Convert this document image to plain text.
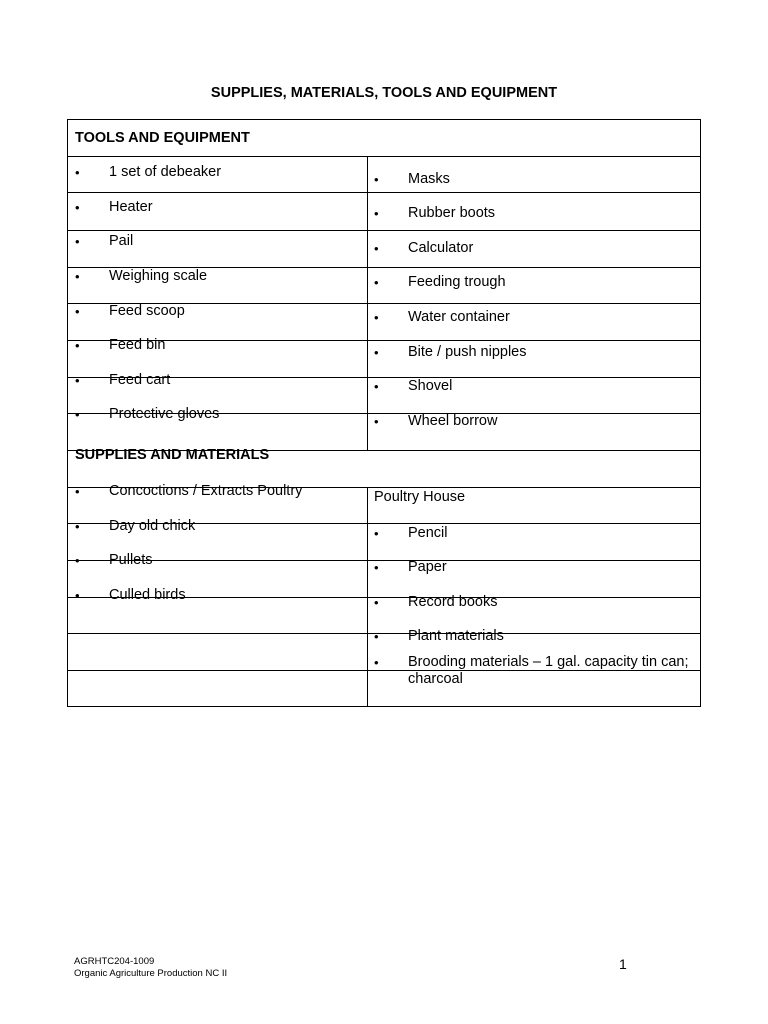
SUPPLIES, MATERIALS, TOOLS AND EQUIPMENT
TOOLS AND EQUIPMENT
SUPPLIES AND MATERIALS
• 1 set of debeaker
• Heater
• Pail
• Weighing scale
• Feed scoop
• Feed bin
• Feed cart
• Protective gloves
• Masks
• Rubber boots
• Calculator
• Feeding trough
• Water container
• Bite / push nipples
• Shovel
• Wheel borrow
• Concoctions / Extracts Poultry
• Day old chick
• Pullets
• Culled birds
Poultry House
• Pencil
• Paper
• Record books
• Plant materials
• Brooding materials – 1 gal. capacity tin can; charcoal
AGRHTC204-1009
Organic Agriculture Production NC II
1
